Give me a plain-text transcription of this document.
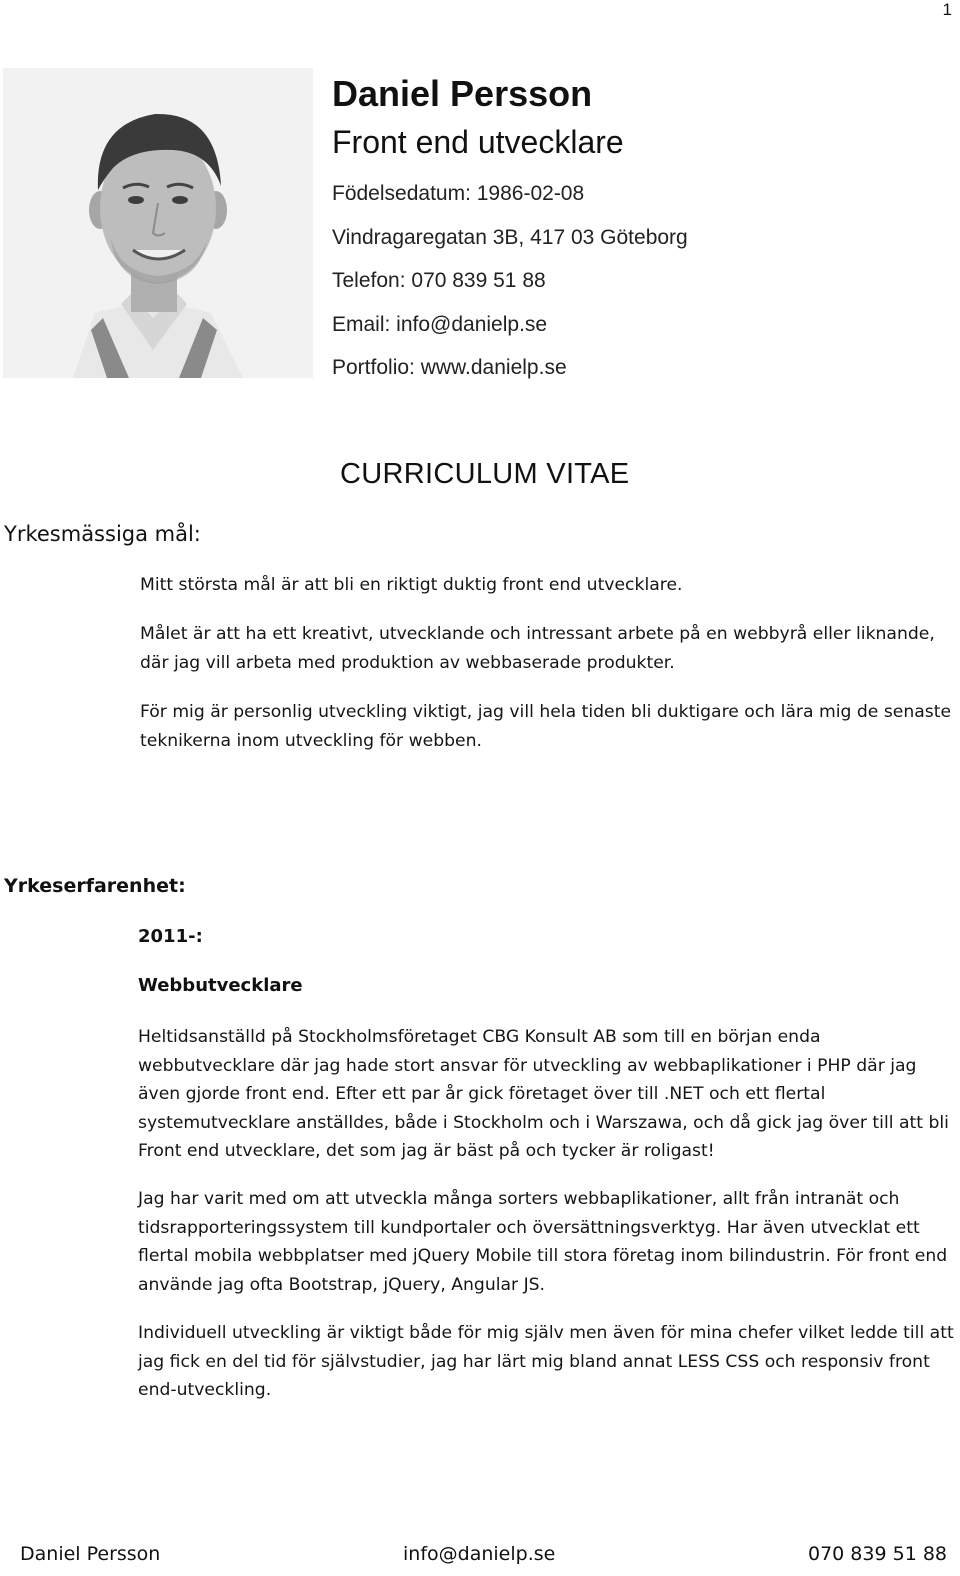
1
Daniel Persson
Front end utvecklare
Födelsedatum: 1986-02-08
Vindragaregatan 3B, 417 03 Göteborg
Telefon: 070 839 51 88
Email: info@danielp.se
Portfolio: www.danielp.se
CURRICULUM VITAE
Yrkesmässiga mål:
Mitt största mål är att bli en riktigt duktig front end utvecklare.
Målet är att ha ett kreativt, utvecklande och intressant arbete på en webbyrå eller liknande, där jag vill arbeta med produktion av webbaserade produkter.
För mig är personlig utveckling viktigt, jag vill hela tiden bli duktigare och lära mig de senaste teknikerna inom utveckling för webben.
Yrkeserfarenhet:
2011-:
Webbutvecklare
Heltidsanställd på Stockholmsföretaget CBG Konsult AB som till en början enda webbutvecklare där jag hade stort ansvar för utveckling av webbaplikationer i PHP där jag även gjorde front end. Efter ett par år gick företaget över till .NET och ett flertal systemutvecklare anställdes, både i Stockholm och i Warszawa, och då gick jag över till att bli Front end utvecklare, det som jag är bäst på och tycker är roligast!
Jag har varit med om att utveckla många sorters webbaplikationer, allt från intranät och tidsrapporteringssystem till kundportaler och översättningsverktyg. Har även utvecklat ett flertal mobila webbplatser med jQuery Mobile till stora företag inom bilindustrin. För front end använde jag ofta Bootstrap, jQuery, Angular JS.
Individuell utveckling är viktigt både för mig själv men även för mina chefer vilket ledde till att jag fick en del tid för självstudier, jag har lärt mig bland annat LESS CSS och responsiv front end-utveckling.
Daniel Persson	info@danielp.se	070 839 51 88
